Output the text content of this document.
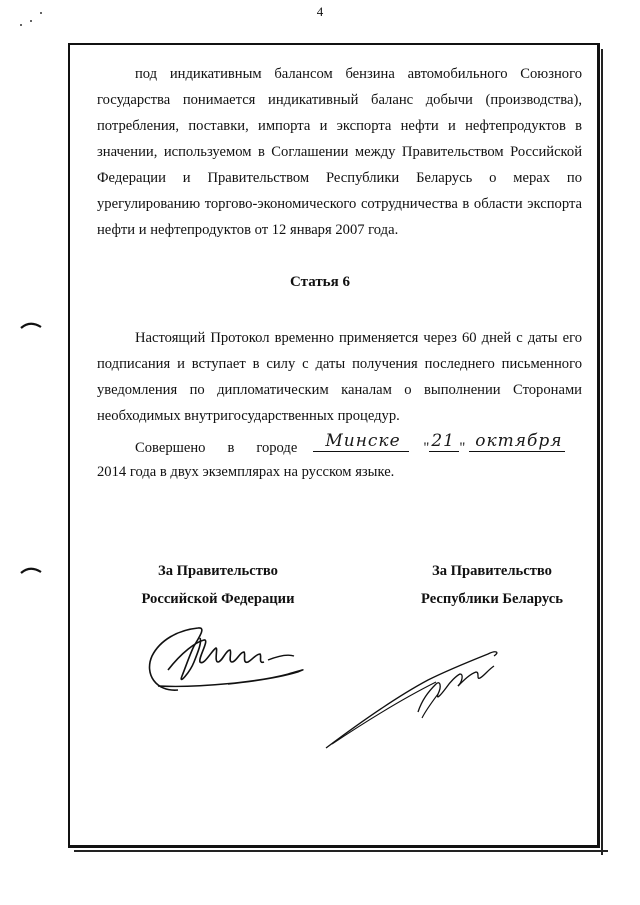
4
под индикативным балансом бензина автомобильного Союзного государства понимается индикативный баланс добычи (производства), потребления, поставки, импорта и экспорта нефти и нефтепродуктов в значении, используемом в Соглашении между Правительством Российской Федерации и Правительством Республики Беларусь о мерах по урегулированию торгово-экономического сотрудничества в области экспорта нефти и нефтепродуктов от 12 января 2007 года.
Статья 6
Настоящий Протокол временно применяется через 60 дней с даты его подписания и вступает в силу с даты получения последнего письменного уведомления по дипломатическим каналам о выполнении Сторонами необходимых внутригосударственных процедур.
Совершено в городе Минске " 21 " октября
2014 года в двух экземплярах на русском языке.
За Правительство
Российской Федерации
За Правительство
Республики Беларусь
